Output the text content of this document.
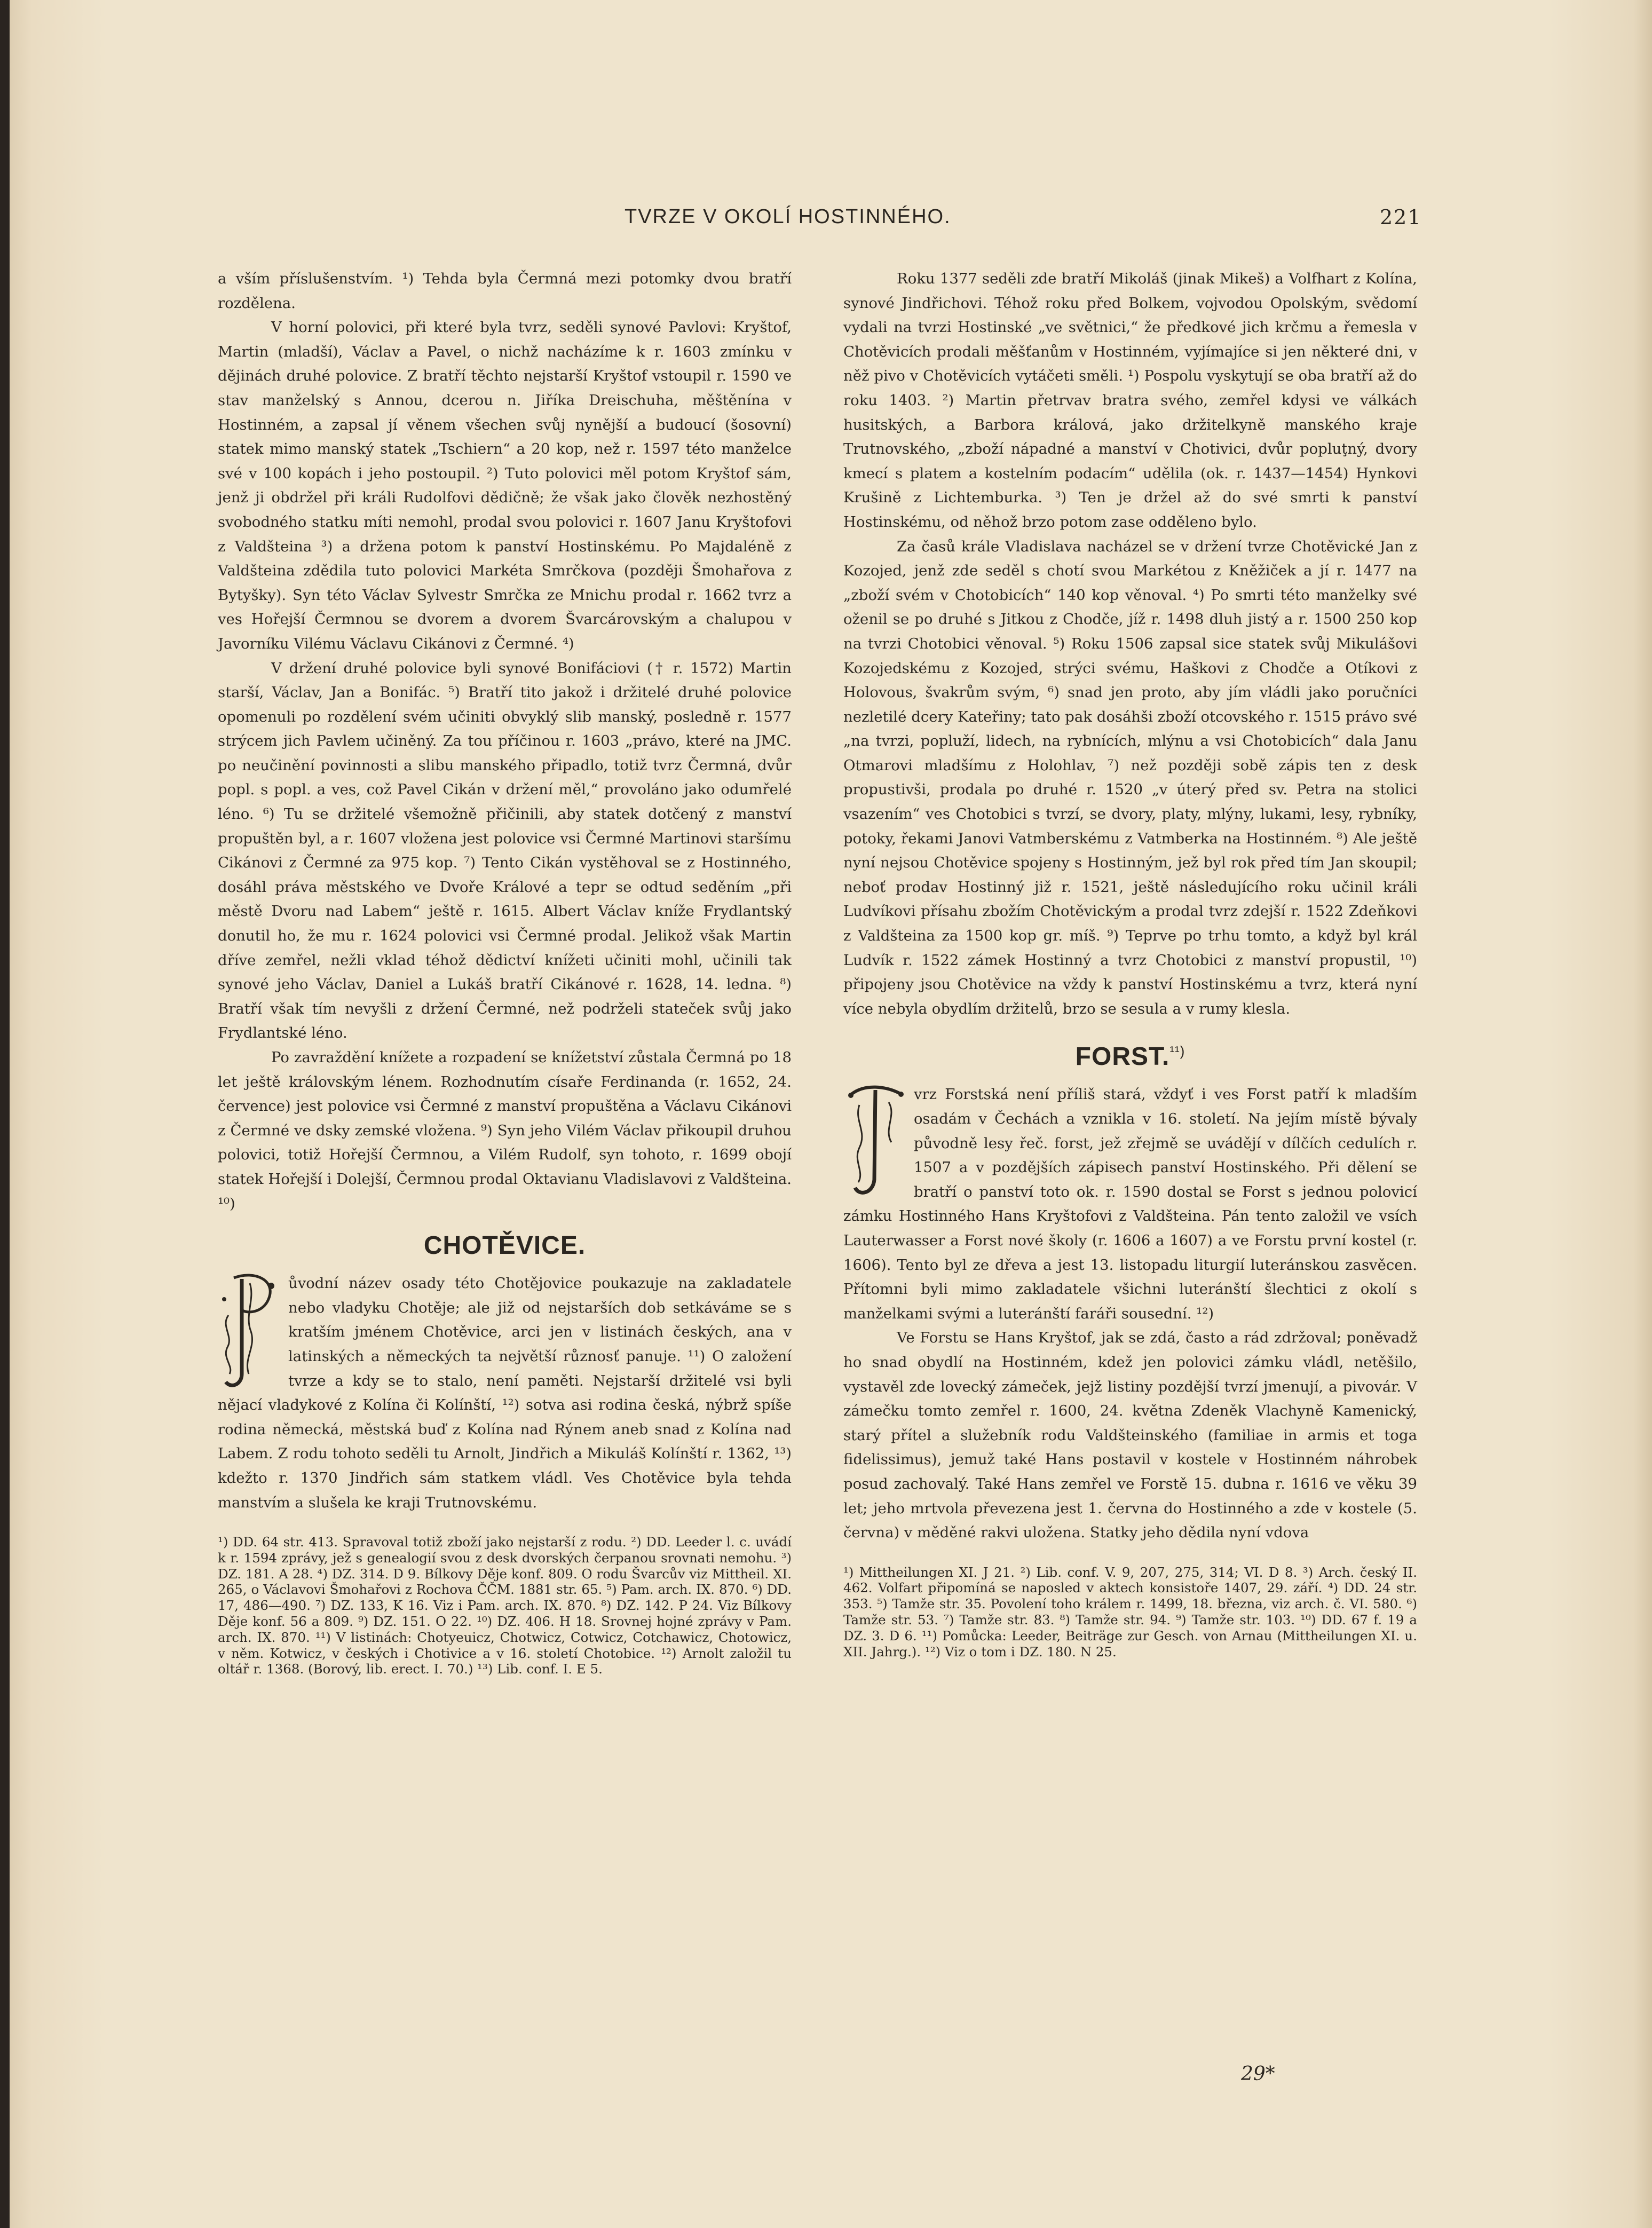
TVRZE V OKOLÍ HOSTINNÉHO.	221

a vším příslušenstvím. ¹) Tehda byla Čermná mezi potomky dvou bratří rozdělena.

V horní polovici, při které byla tvrz, seděli synové Pavlovi: Kryštof, Martin (mladší), Václav a Pavel, o nichž nacházíme k r. 1603 zmínku v dějinách druhé polovice. Z bratří těchto nejstarší Kryštof vstoupil r. 1590 ve stav manželský s Annou, dcerou n. Jiříka Dreischuha, měštěnína v Hostinném, a zapsal jí věnem všechen svůj nynější a budoucí (šosovní) statek mimo manský statek „Tschiern“ a 20 kop, než r. 1597 této manželce své v 100 kopách i jeho postoupil. ²) Tuto polovici měl potom Kryštof sám, jenž ji obdržel při králi Rudolfovi dědičně; že však jako člověk nezhostěný svobodného statku míti nemohl, prodal svou polovici r. 1607 Janu Kryštofovi z Valdšteina ³) a držena potom k panství Hostinskému. Po Majdaléně z Valdšteina zdědila tuto polovici Markéta Smrčkova (později Šmohařova z Bytyšky). Syn této Václav Sylvestr Smrčka ze Mnichu prodal r. 1662 tvrz a ves Hořejší Čermnou se dvorem a dvorem Švarcárovským a chalupou v Javorníku Vilému Václavu Cikánovi z Čermné. ⁴)

V držení druhé polovice byli synové Bonifáciovi († r. 1572) Martin starší, Václav, Jan a Bonifác. ⁵) Bratří tito jakož i držitelé druhé polovice opomenuli po rozdělení svém učiniti obvyklý slib manský, posledně r. 1577 strýcem jich Pavlem učiněný. Za tou příčinou r. 1603 „právo, které na JMC. po neučinění povinnosti a slibu manského připadlo, totiž tvrz Čermná, dvůr popl. s popl. a ves, což Pavel Cikán v držení měl,“ provoláno jako odumřelé léno. ⁶) Tu se držitelé všemožně přičinili, aby statek dotčený z manství propuštěn byl, a r. 1607 vložena jest polovice vsi Čermné Martinovi staršímu Cikánovi z Čermné za 975 kop. ⁷) Tento Cikán vystěhoval se z Hostinného, dosáhl práva městského ve Dvoře Králové a tepr se odtud seděním „při městě Dvoru nad Labem“ ještě r. 1615. Albert Václav kníže Frydlantský donutil ho, že mu r. 1624 polovici vsi Čermné prodal. Jelikož však Martin dříve zemřel, nežli vklad téhož dědictví knížeti učiniti mohl, učinili tak synové jeho Václav, Daniel a Lukáš bratří Cikánové r. 1628, 14. ledna. ⁸) Bratří však tím nevyšli z držení Čermné, než podrželi stateček svůj jako Frydlantské léno.

Po zavraždění knížete a rozpadení se knížetství zůstala Čermná po 18 let ještě královským lénem. Rozhodnutím císaře Ferdinanda (r. 1652, 24. července) jest polovice vsi Čermné z manství propuštěna a Václavu Cikánovi z Čermné ve dsky zemské vložena. ⁹) Syn jeho Vilém Václav přikoupil druhou polovici, totiž Hořejší Čermnou, a Vilém Rudolf, syn tohoto, r. 1699 obojí statek Hořejší i Dolejší, Čermnou prodal Oktavianu Vladislavovi z Valdšteina. ¹⁰)

CHOTĚVICE.

ůvodní název osady této Chotějovice poukazuje na zakladatele nebo vladyku Chotěje; ale již od nejstarších dob setkáváme se s kratším jménem Chotěvice, arci jen v listinách českých, ana v latinských a německých ta největší různosť panuje. ¹¹) O založení tvrze a kdy se to stalo, není paměti. Nejstarší držitelé vsi byli nějací vladykové z Kolína či Kolínští, ¹²) sotva asi rodina česká, nýbrž spíše rodina německá, městská buď z Kolína nad Rýnem aneb snad z Kolína nad Labem. Z rodu tohoto seděli tu Arnolt, Jindřich a Mikuláš Kolínští r. 1362, ¹³) kdežto r. 1370 Jindřich sám statkem vládl. Ves Chotěvice byla tehda manstvím a slušela ke kraji Trutnovskému.

¹) DD. 64 str. 413. Spravoval totiž zboží jako nejstarší z rodu. ²) DD. Leeder l. c. uvádí k r. 1594 zprávy, jež s genealogií svou z desk dvorských čerpanou srovnati nemohu. ³) DZ. 181. A 28. ⁴) DZ. 314. D 9. Bílkovy Děje konf. 809. O rodu Švarcův viz Mittheil. XI. 265, o Václavovi Šmohařovi z Rochova ČČM. 1881 str. 65. ⁵) Pam. arch. IX. 870. ⁶) DD. 17, 486—490. ⁷) DZ. 133, K 16. Viz i Pam. arch. IX. 870. ⁸) DZ. 142. P 24. Viz Bílkovy Děje konf. 56 a 809. ⁹) DZ. 151. O 22. ¹⁰) DZ. 406. H 18. Srovnej hojné zprávy v Pam. arch. IX. 870. ¹¹) V listinách: Chotyeuicz, Chotwicz, Cotwicz, Cotchawicz, Chotowicz, v něm. Kotwicz, v českých i Chotivice a v 16. století Chotobice. ¹²) Arnolt založil tu oltář r. 1368. (Borový, lib. erect. I. 70.) ¹³) Lib. conf. I. E 5.

Roku 1377 seděli zde bratří Mikoláš (jinak Mikeš) a Volfhart z Kolína, synové Jindřichovi. Téhož roku před Bolkem, vojvodou Opolským, svědomí vydali na tvrzi Hostinské „ve světnici,“ že předkové jich krčmu a řemesla v Chotěvicích prodali měšťanům v Hostinném, vyjímajíce si jen některé dni, v něž pivo v Chotěvicích vytáčeti směli. ¹) Pospolu vyskytují se oba bratří až do roku 1403. ²) Martin přetrvav bratra svého, zemřel kdysi ve válkách husitských, a Barbora králová, jako držitelkyně manského kraje Trutnovského, „zboží nápadné a manství v Chotivici, dvůr popluţný, dvory kmecí s platem a kostelním podacím“ udělila (ok. r. 1437—1454) Hynkovi Krušině z Lichtemburka. ³) Ten je držel až do své smrti k panství Hostinskému, od něhož brzo potom zase odděleno bylo.

Za časů krále Vladislava nacházel se v držení tvrze Chotěvické Jan z Kozojed, jenž zde seděl s chotí svou Markétou z Kněžiček a jí r. 1477 na „zboží svém v Chotobicích“ 140 kop věnoval. ⁴) Po smrti této manželky své oženil se po druhé s Jitkou z Chodče, jíž r. 1498 dluh jistý a r. 1500 250 kop na tvrzi Chotobici věnoval. ⁵) Roku 1506 zapsal sice statek svůj Mikulášovi Kozojedskému z Kozojed, strýci svému, Haškovi z Chodče a Otíkovi z Holovous, švakrům svým, ⁶) snad jen proto, aby jím vládli jako poručníci nezletilé dcery Kateřiny; tato pak dosáhši zboží otcovského r. 1515 právo své „na tvrzi, popluží, lidech, na rybnících, mlýnu a vsi Chotobicích“ dala Janu Otmarovi mladšímu z Holohlav, ⁷) než později sobě zápis ten z desk propustivši, prodala po druhé r. 1520 „v úterý před sv. Petra na stolici vsazením“ ves Chotobici s tvrzí, se dvory, platy, mlýny, lukami, lesy, rybníky, potoky, řekami Janovi Vatmberskému z Vatmberka na Hostinném. ⁸) Ale ještě nyní nejsou Chotěvice spojeny s Hostinným, jež byl rok před tím Jan skoupil; neboť prodav Hostinný již r. 1521, ještě následujícího roku učinil králi Ludvíkovi přísahu zbožím Chotěvickým a prodal tvrz zdejší r. 1522 Zdeňkovi z Valdšteina za 1500 kop gr. míš. ⁹) Teprve po trhu tomto, a když byl král Ludvík r. 1522 zámek Hostinný a tvrz Chotobici z manství propustil, ¹⁰) připojeny jsou Chotěvice na vždy k panství Hostinskému a tvrz, která nyní více nebyla obydlím držitelů, brzo se sesula a v rumy klesla.

FORST.$^{^{11})}$

vrz Forstská není příliš stará, vždyť i ves Forst patří k mladším osadám v Čechách a vznikla v 16. století. Na jejím místě bývaly původně lesy řeč. forst, jež zřejmě se uvádějí v dílčích cedulích r. 1507 a v pozdějších zápisech panství Hostinského. Při dělení se bratří o panství toto ok. r. 1590 dostal se Forst s jednou polovicí zámku Hostinného Hans Kryštofovi z Valdšteina. Pán tento založil ve vsích Lauterwasser a Forst nové školy (r. 1606 a 1607) a ve Forstu první kostel (r. 1606). Tento byl ze dřeva a jest 13. listopadu liturgií luteránskou zasvěcen. Přítomni byli mimo zakladatele všichni luteránští šlechtici z okolí s manželkami svými a luteránští faráři sousední. ¹²)

Ve Forstu se Hans Kryštof, jak se zdá, často a rád zdržoval; poněvadž ho snad obydlí na Hostinném, kdež jen polovici zámku vládl, netěšilo, vystavěl zde lovecký zámeček, jejž listiny pozdější tvrzí jmenují, a pivovár. V zámečku tomto zemřel r. 1600, 24. května Zdeněk Vlachyně Kamenický, starý přítel a služebník rodu Valdšteinského (familiae in armis et toga fidelissimus), jemuž také Hans postavil v kostele v Hostinném náhrobek posud zachovalý. Také Hans zemřel ve Forstě 15. dubna r. 1616 ve věku 39 let; jeho mrtvola převezena jest 1. června do Hostinného a zde v kostele (5. června) v měděné rakvi uložena. Statky jeho dědila nyní vdova

¹) Mittheilungen XI. J 21. ²) Lib. conf. V. 9, 207, 275, 314; VI. D 8. ³) Arch. český II. 462. Volfart připomíná se naposled v aktech konsistoře 1407, 29. září. ⁴) DD. 24 str. 353. ⁵) Tamže str. 35. Povolení toho králem r. 1499, 18. března, viz arch. č. VI. 580. ⁶) Tamže str. 53. ⁷) Tamže str. 83. ⁸) Tamže str. 94. ⁹) Tamže str. 103. ¹⁰) DD. 67 f. 19 a DZ. 3. D 6. ¹¹) Pomůcka: Leeder, Beiträge zur Gesch. von Arnau (Mittheilungen XI. u. XII. Jahrg.). ¹²) Viz o tom i DZ. 180. N 25.
29*
